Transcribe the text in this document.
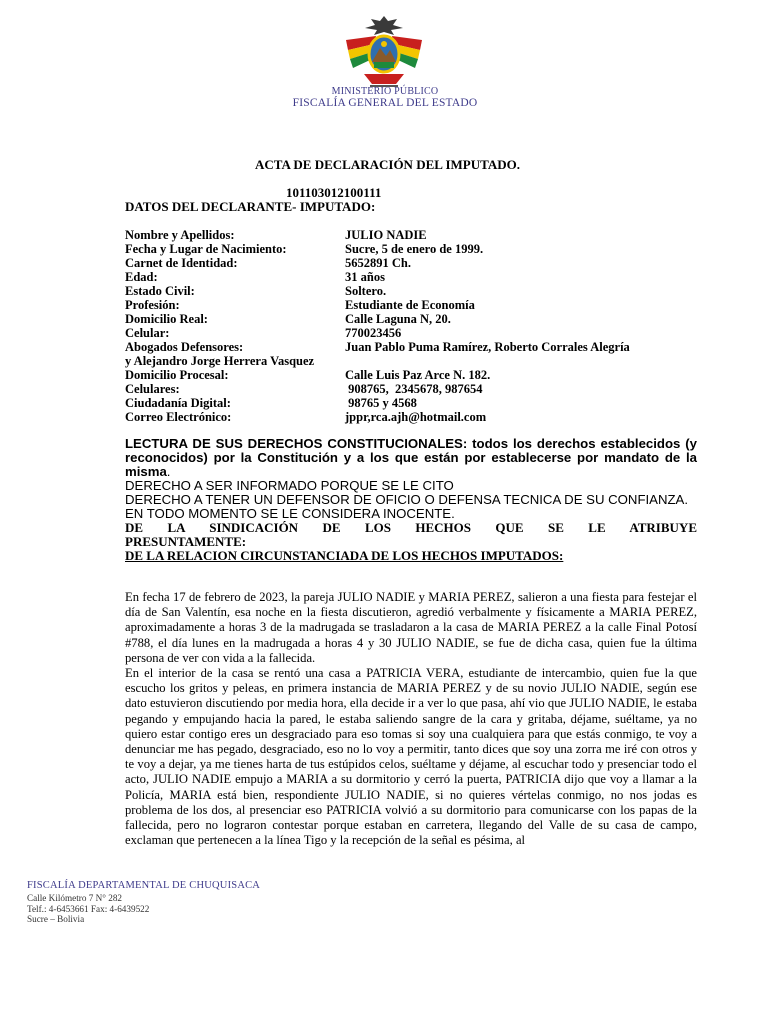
MINISTERIO PÚBLICO
FISCALÍA GENERAL DEL ESTADO
ACTA DE DECLARACIÓN DEL IMPUTADO.
101103012100111
DATOS DEL DECLARANTE- IMPUTADO:
Nombre y Apellidos:	JULIO NADIE
Fecha y Lugar de Nacimiento:	Sucre, 5 de enero de 1999.
Carnet de Identidad:	5652891 Ch.
Edad:	31 años
Estado Civil:	Soltero.
Profesión:	Estudiante de Economía
Domicilio Real:	Calle Laguna N, 20.
Celular:	770023456
Abogados Defensores:	Juan Pablo Puma Ramírez, Roberto Corrales Alegría
y Alejandro Jorge Herrera Vasquez
Domicilio Procesal:	Calle Luis Paz Arce N. 182.
Celulares:	908765,  2345678, 987654
Ciudadanía Digital:	98765 y 4568
Correo Electrónico:	jppr,rca.ajh@hotmail.com

LECTURA DE SUS DERECHOS CONSTITUCIONALES: todos los derechos establecidos (y reconocidos) por la Constitución y a los que están por establecerse por mandato de la misma.

DERECHO A SER INFORMADO PORQUE SE LE CITO

DERECHO A TENER UN DEFENSOR DE OFICIO O DEFENSA TECNICA DE SU CONFIANZA.

EN TODO MOMENTO SE LE CONSIDERA INOCENTE.

DE LA SINDICACIÓN DE LOS HECHOS QUE SE LE ATRIBUYE PRESUNTAMENTE:

DE LA RELACION CIRCUNSTANCIADA DE LOS HECHOS IMPUTADOS:

En fecha 17 de febrero de 2023, la pareja JULIO NADIE y MARIA PEREZ, salieron a una fiesta para festejar el día de San Valentín, esa noche en la fiesta discutieron, agredió verbalmente y físicamente a MARIA PEREZ, aproximadamente a horas 3 de la madrugada se trasladaron a la casa de MARIA PEREZ a la calle Final Potosí #788, el día lunes en la madrugada a horas 4 y 30 JULIO NADIE, se fue de dicha casa, quien fue la última persona de ver con vida a la fallecida.

En el interior de la casa se rentó una casa a PATRICIA VERA, estudiante de intercambio, quien fue la que escucho los gritos y peleas, en primera instancia de MARIA PEREZ y de su novio JULIO NADIE, según ese dato estuvieron discutiendo por media hora, ella decide ir a ver lo que pasa, ahí vio que JULIO NADIE, le estaba pegando y empujando hacia la pared, le estaba saliendo sangre de la cara y gritaba, déjame, suéltame, ya no quiero estar contigo eres un desgraciado para eso tomas si soy una cualquiera para que estás conmigo, te voy a denunciar me has pegado, desgraciado, eso no lo voy a permitir, tanto dices que soy una zorra me iré con otros y te voy a dejar, ya me tienes harta de tus estúpidos celos, suéltame y déjame, al escuchar todo y presenciar todo el acto, JULIO NADIE empujo a MARIA a su dormitorio y cerró la puerta, PATRICIA dijo que voy a llamar a la Policía, MARIA está bien, respondiente JULIO NADIE, si no quieres vértelas conmigo, no nos jodas es problema de los dos, al presenciar eso PATRICIA volvió a su dormitorio para comunicarse con los papas de la fallecida, pero no lograron contestar porque estaban en carretera, llegando del Valle de su casa de campo, exclaman que pertenecen a la línea Tigo y la recepción de la señal es pésima, al

FISCALÍA DEPARTAMENTAL DE CHUQUISACA
Calle Kilómetro 7 N° 282
Telf.: 4-6453661 Fax: 4-6439522
Sucre – Bolivia
